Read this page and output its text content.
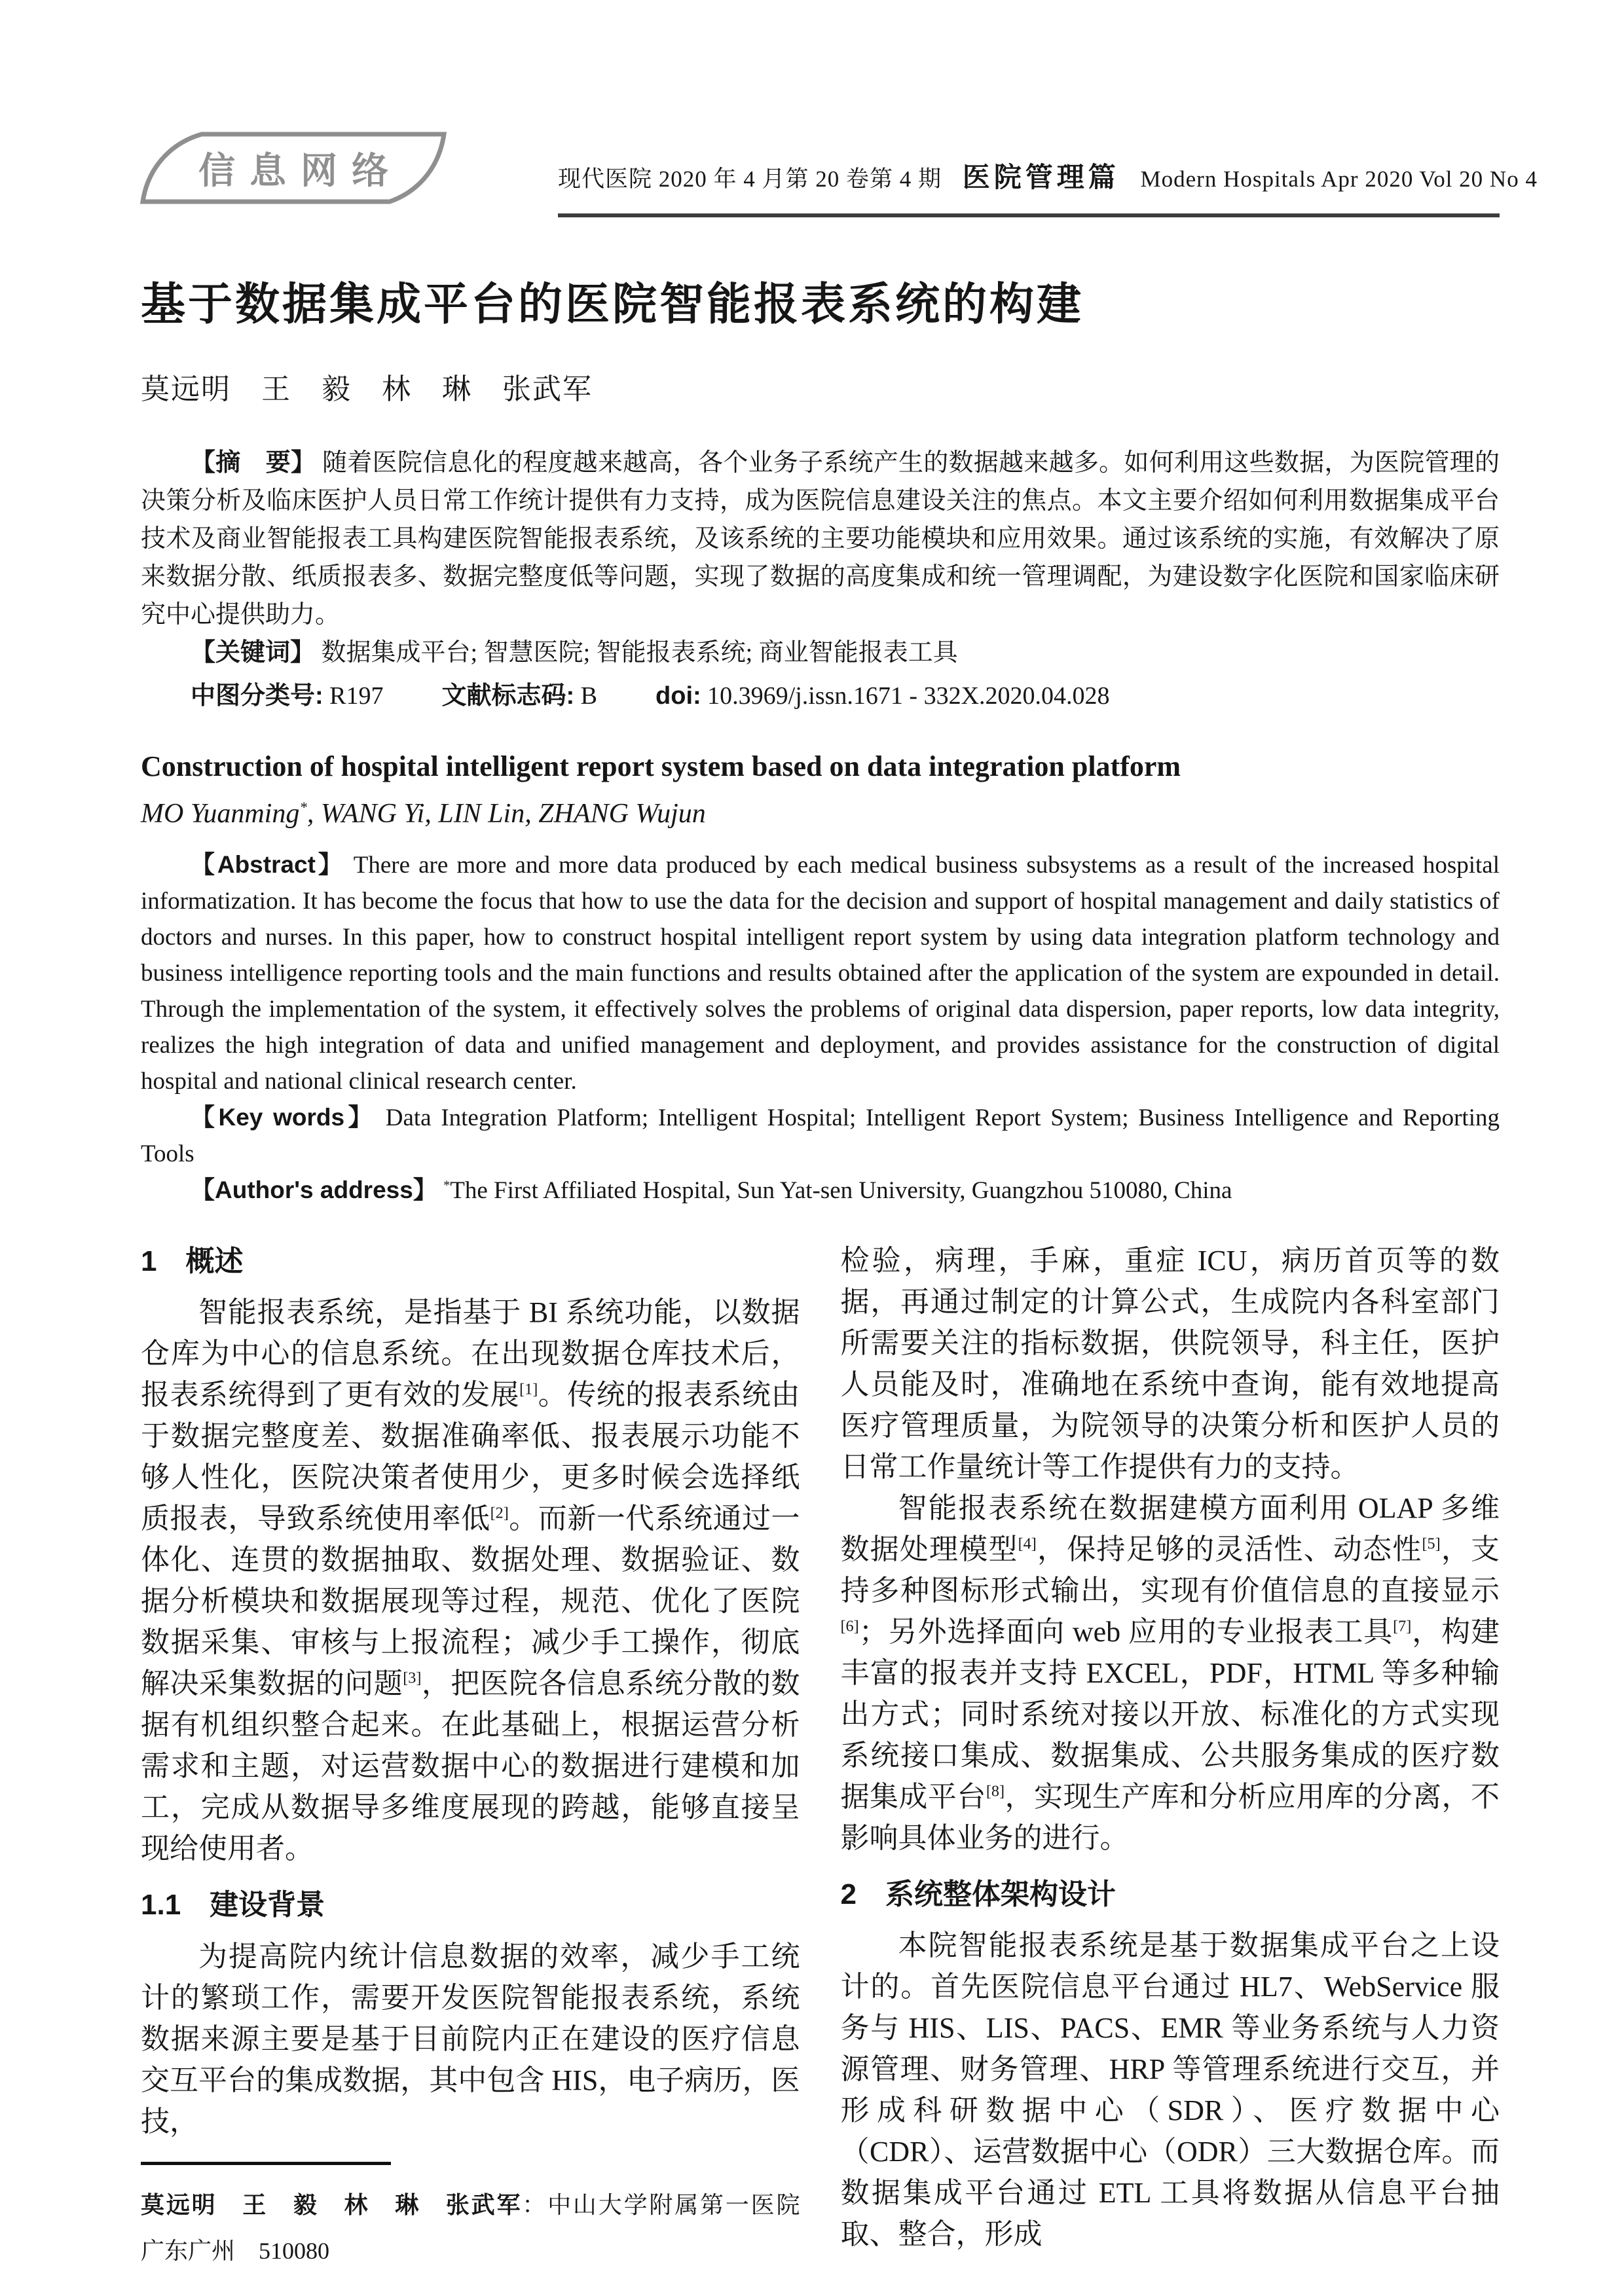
信息网络	现代医院 2020 年 4 月第 20 卷第 4 期 医院管理篇 Modern Hospitals Apr 2020 Vol 20 No 4
基于数据集成平台的医院智能报表系统的构建
莫远明　王　毅　林　琳　张武军
【摘　要】 随着医院信息化的程度越来越高，各个业务子系统产生的数据越来越多。如何利用这些数据，为医院管理的决策分析及临床医护人员日常工作统计提供有力支持，成为医院信息建设关注的焦点。本文主要介绍如何利用数据集成平台技术及商业智能报表工具构建医院智能报表系统，及该系统的主要功能模块和应用效果。通过该系统的实施，有效解决了原来数据分散、纸质报表多、数据完整度低等问题，实现了数据的高度集成和统一管理调配，为建设数字化医院和国家临床研究中心提供助力。
【关键词】 数据集成平台; 智慧医院; 智能报表系统; 商业智能报表工具
中图分类号: R197 文献标志码: B doi: 10.3969/j.issn.1671 - 332X.2020.04.028
Construction of hospital intelligent report system based on data integration platform
MO Yuanming*, WANG Yi, LIN Lin, ZHANG Wujun
【Abstract】 There are more and more data produced by each medical business subsystems as a result of the increased hospital informatization. It has become the focus that how to use the data for the decision and support of hospital management and daily statistics of doctors and nurses. In this paper, how to construct hospital intelligent report system by using data integration platform technology and business intelligence reporting tools and the main functions and results obtained after the application of the system are expounded in detail. Through the implementation of the system, it effectively solves the problems of original data dispersion, paper reports, low data integrity, realizes the high integration of data and unified management and deployment, and provides assistance for the construction of digital hospital and national clinical research center.
【Key words】 Data Integration Platform; Intelligent Hospital; Intelligent Report System; Business Intelligence and Reporting Tools
【Author's address】 *The First Affiliated Hospital, Sun Yat-sen University, Guangzhou 510080, China
1　概述

智能报表系统，是指基于 BI 系统功能，以数据仓库为中心的信息系统。在出现数据仓库技术后，报表系统得到了更有效的发展[1]。传统的报表系统由于数据完整度差、数据准确率低、报表展示功能不够人性化，医院决策者使用少，更多时候会选择纸质报表，导致系统使用率低[2]。而新一代系统通过一体化、连贯的数据抽取、数据处理、数据验证、数据分析模块和数据展现等过程，规范、优化了医院数据采集、审核与上报流程；减少手工操作，彻底解决采集数据的问题[3]，把医院各信息系统分散的数据有机组织整合起来。在此基础上，根据运营分析需求和主题，对运营数据中心的数据进行建模和加工，完成从数据导多维度展现的跨越，能够直接呈现给使用者。

1.1　建设背景

为提高院内统计信息数据的效率，减少手工统计的繁琐工作，需要开发医院智能报表系统，系统数据来源主要是基于目前院内正在建设的医疗信息交互平台的集成数据，其中包含 HIS，电子病历，医技，

莫远明　王　毅　林　琳　张武军：中山大学附属第一医院　广东广州　510080

检验，病理，手麻，重症 ICU，病历首页等的数据，再通过制定的计算公式，生成院内各科室部门所需要关注的指标数据，供院领导，科主任，医护人员能及时，准确地在系统中查询，能有效地提高医疗管理质量，为院领导的决策分析和医护人员的日常工作量统计等工作提供有力的支持。

智能报表系统在数据建模方面利用 OLAP 多维数据处理模型[4]，保持足够的灵活性、动态性[5]，支持多种图标形式输出，实现有价值信息的直接显示[6]；另外选择面向 web 应用的专业报表工具[7]，构建丰富的报表并支持 EXCEL，PDF，HTML 等多种输出方式；同时系统对接以开放、标准化的方式实现系统接口集成、数据集成、公共服务集成的医疗数据集成平台[8]，实现生产库和分析应用库的分离，不影响具体业务的进行。

2　系统整体架构设计

本院智能报表系统是基于数据集成平台之上设计的。首先医院信息平台通过 HL7、WebService 服务与 HIS、LIS、PACS、EMR 等业务系统与人力资源管理、财务管理、HRP 等管理系统进行交互，并形成科研数据中心（SDR）、医疗数据中心（CDR）、运营数据中心（ODR）三大数据仓库。而数据集成平台通过 ETL 工具将数据从信息平台抽取、整合，形成
